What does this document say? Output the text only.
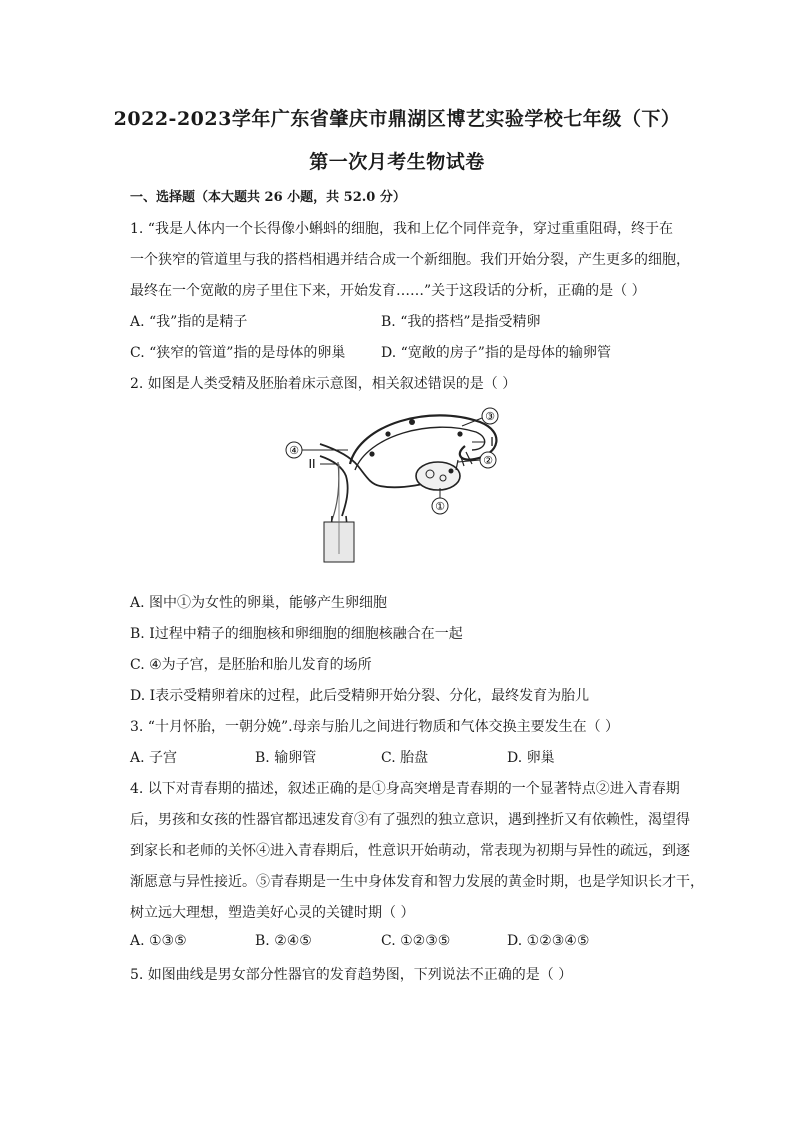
2022-2023学年广东省肇庆市鼎湖区博艺实验学校七年级（下）
第一次月考生物试卷
一、选择题（本大题共 26 小题，共 52.0 分）
1. “我是人体内一个长得像小蝌蚪的细胞，我和上亿个同伴竞争，穿过重重阻碍，终于在
一个狭窄的管道里与我的搭档相遇并结合成一个新细胞。我们开始分裂，产生更多的细胞，
最终在一个宽敞的房子里住下来，开始发育……”关于这段话的分析，正确的是（ ）
A. “我”指的是精子	B. “我的搭档”是指受精卵
C. “狭窄的管道”指的是母体的卵巢	D. “宽敞的房子”指的是母体的输卵管
2. 如图是人类受精及胚胎着床示意图，相关叙述错误的是（ ）
④
II
③
I
②
①
A. 图中①为女性的卵巢，能够产生卵细胞
B. Ⅰ过程中精子的细胞核和卵细胞的细胞核融合在一起
C. ④为子宫，是胚胎和胎儿发育的场所
D. Ⅰ表示受精卵着床的过程，此后受精卵开始分裂、分化，最终发育为胎儿
3. “十月怀胎，一朝分娩”.母亲与胎儿之间进行物质和气体交换主要发生在（ ）
A. 子宫	B. 输卵管	C. 胎盘	D. 卵巢
4. 以下对青春期的描述，叙述正确的是①身高突增是青春期的一个显著特点②进入青春期
后，男孩和女孩的性器官都迅速发育③有了强烈的独立意识，遇到挫折又有依赖性，渴望得
到家长和老师的关怀④进入青春期后，性意识开始萌动，常表现为初期与异性的疏远，到逐
渐愿意与异性接近。⑤青春期是一生中身体发育和智力发展的黄金时期，也是学知识长才干，
树立远大理想，塑造美好心灵的关键时期（ ）
A. ①③⑤	B. ②④⑤	C. ①②③⑤	D. ①②③④⑤
5. 如图曲线是男女部分性器官的发育趋势图，下列说法不正确的是（ ）
